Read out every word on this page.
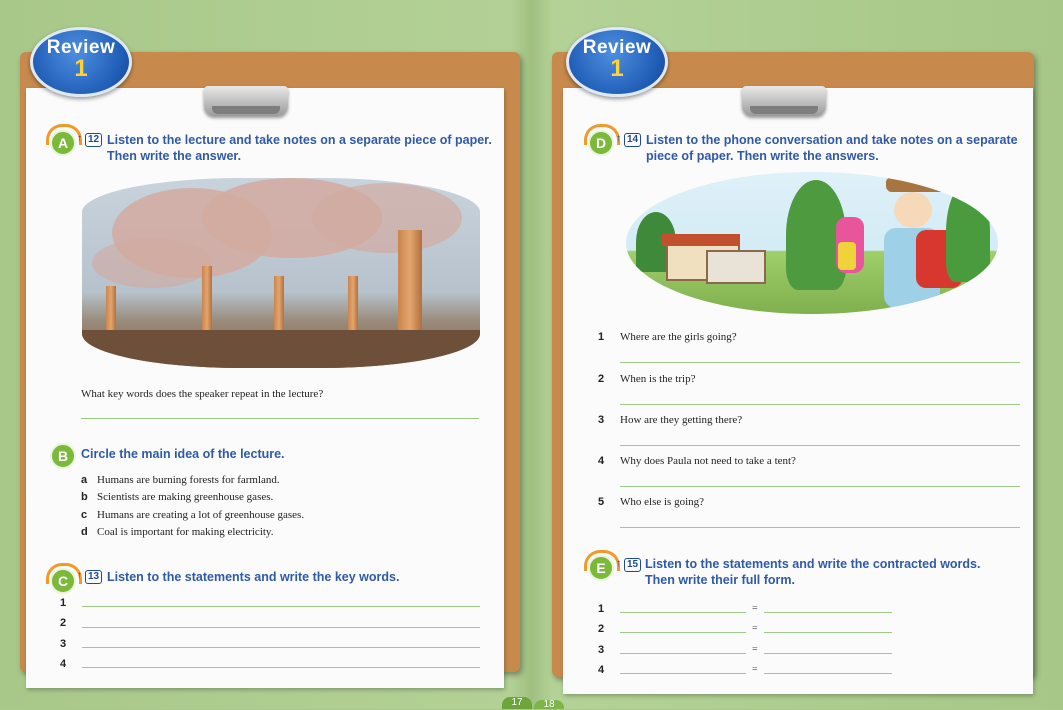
Review
1
Review
1
A ↑ 12 Listen to the lecture and take notes on a separate piece of paper.
Then write the answer.
What key words does the speaker repeat in the lecture?
B	Circle the main idea of the lecture.
a Humans are burning forests for farmland.
b Scientists are making greenhouse gases.
c Humans are creating a lot of greenhouse gases.
d Coal is important for making electricity.
C ↑ 13 Listen to the statements and write the key words.
1
2
3
4
D ↑ 14 Listen to the phone conversation and take notes on a separate
piece of paper. Then write the answers.
1 Where are the girls going?
2 When is the trip?
3 How are they getting there?
4 Why does Paula not need to take a tent?
5 Who else is going?
E	↑ 15 Listen to the statements and write the contracted words.
Then write their full form.
1	=
2	=
3	=
4	=
17	18
